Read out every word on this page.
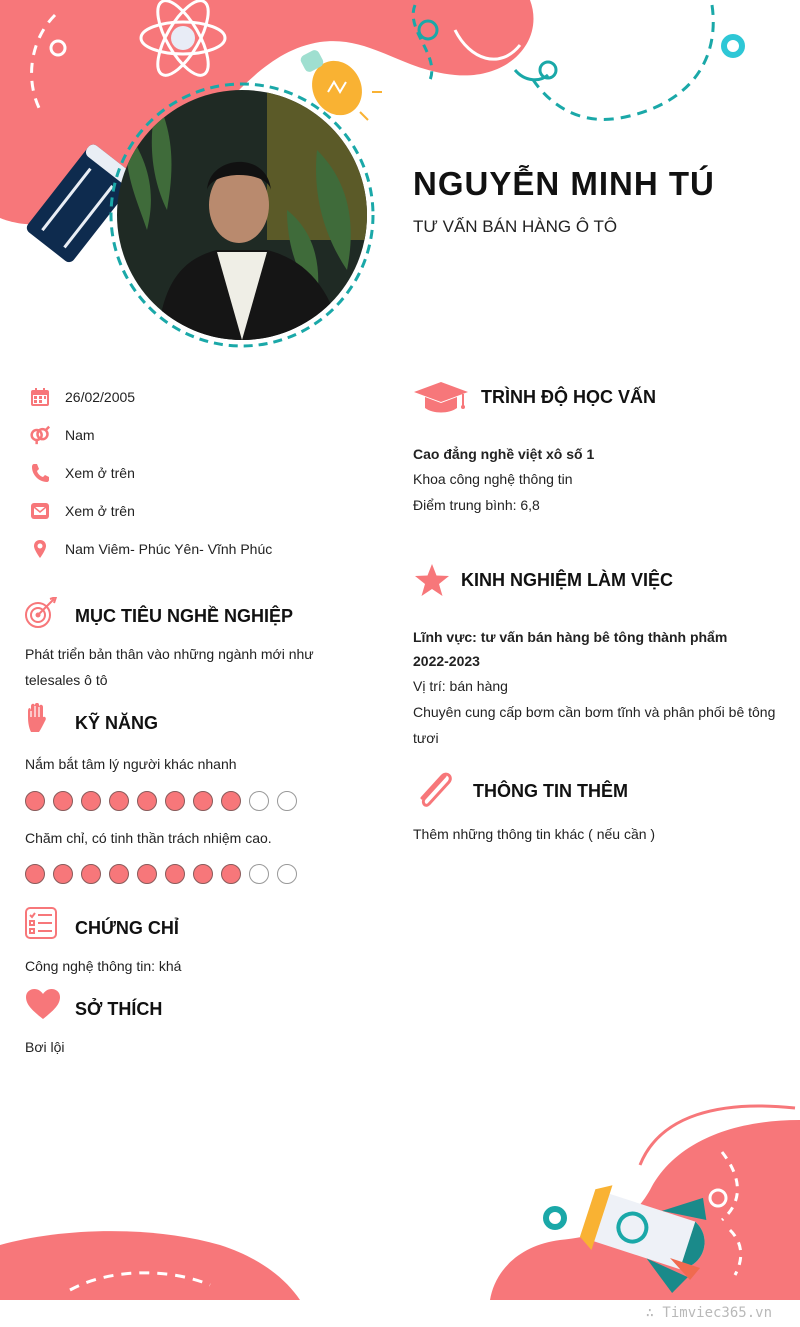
NGUYỄN MINH TÚ
TƯ VẤN BÁN HÀNG Ô TÔ
26/02/2005
Nam
Xem ở trên
Xem ở trên
Nam Viêm- Phúc Yên- Vĩnh Phúc
MỤC TIÊU NGHỀ NGHIỆP
Phát triển bản thân vào những ngành mới như
telesales ô tô
KỸ NĂNG
Nắm bắt tâm lý người khác nhanh
Chăm chỉ, có tinh thần trách nhiệm cao.
CHỨNG CHỈ
Công nghệ thông tin: khá
SỞ THÍCH
Bơi lội
TRÌNH ĐỘ HỌC VẤN
Cao đẳng nghề việt xô số 1
Khoa công nghệ thông tin
Điểm trung bình: 6,8
KINH NGHIỆM LÀM VIỆC
Lĩnh vực: tư vấn bán hàng bê tông thành phẩm
2022-2023
Vị trí: bán hàng
Chuyên cung cấp bơm cần bơm tĩnh và phân phối bê tông
tươi
THÔNG TIN THÊM
Thêm những thông tin khác ( nếu cần )
∴ Timviec365.vn
